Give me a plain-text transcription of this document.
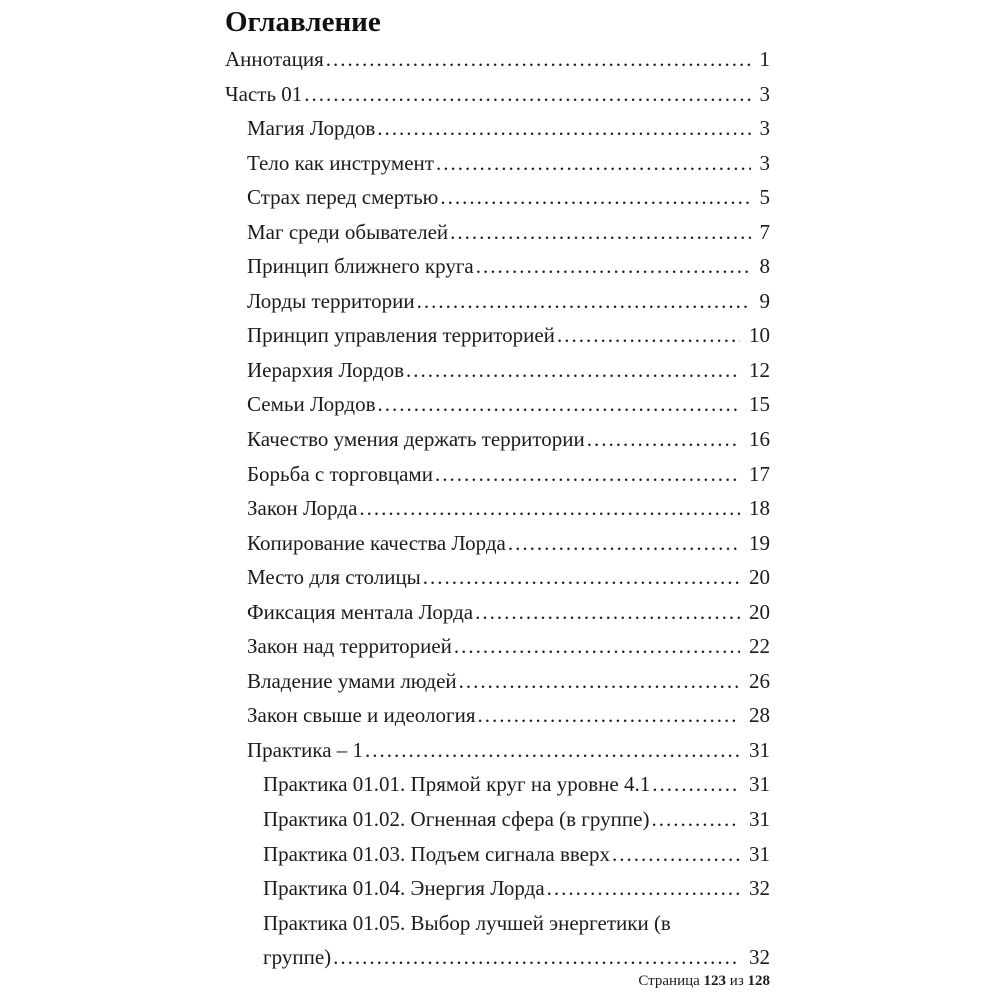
Оглавление
Аннотация .....	1
Часть 01 .....	3
Магия Лордов .....	3
Тело как инструмент .....	3
Страх перед смертью .....	5
Маг среди обывателей .....	7
Принцип ближнего круга .....	8
Лорды территории .....	9
Принцип управления территорией .....	10
Иерархия Лордов .....	12
Семьи Лордов .....	15
Качество умения держать территории .....	16
Борьба с торговцами .....	17
Закон Лорда .....	18
Копирование качества Лорда .....	19
Место для столицы .....	20
Фиксация ментала Лорда .....	20
Закон над территорией .....	22
Владение умами людей .....	26
Закон свыше и идеология .....	28
Практика – 1 .....	31
Практика 01.01. Прямой круг на уровне 4.1 .....	31
Практика 01.02. Огненная сфера (в группе) .....	31
Практика 01.03. Подъем сигнала вверх .....	31
Практика 01.04. Энергия Лорда .....	32
Практика 01.05. Выбор лучшей энергетики (в
группе) .....	32
Страница 123 из 128
